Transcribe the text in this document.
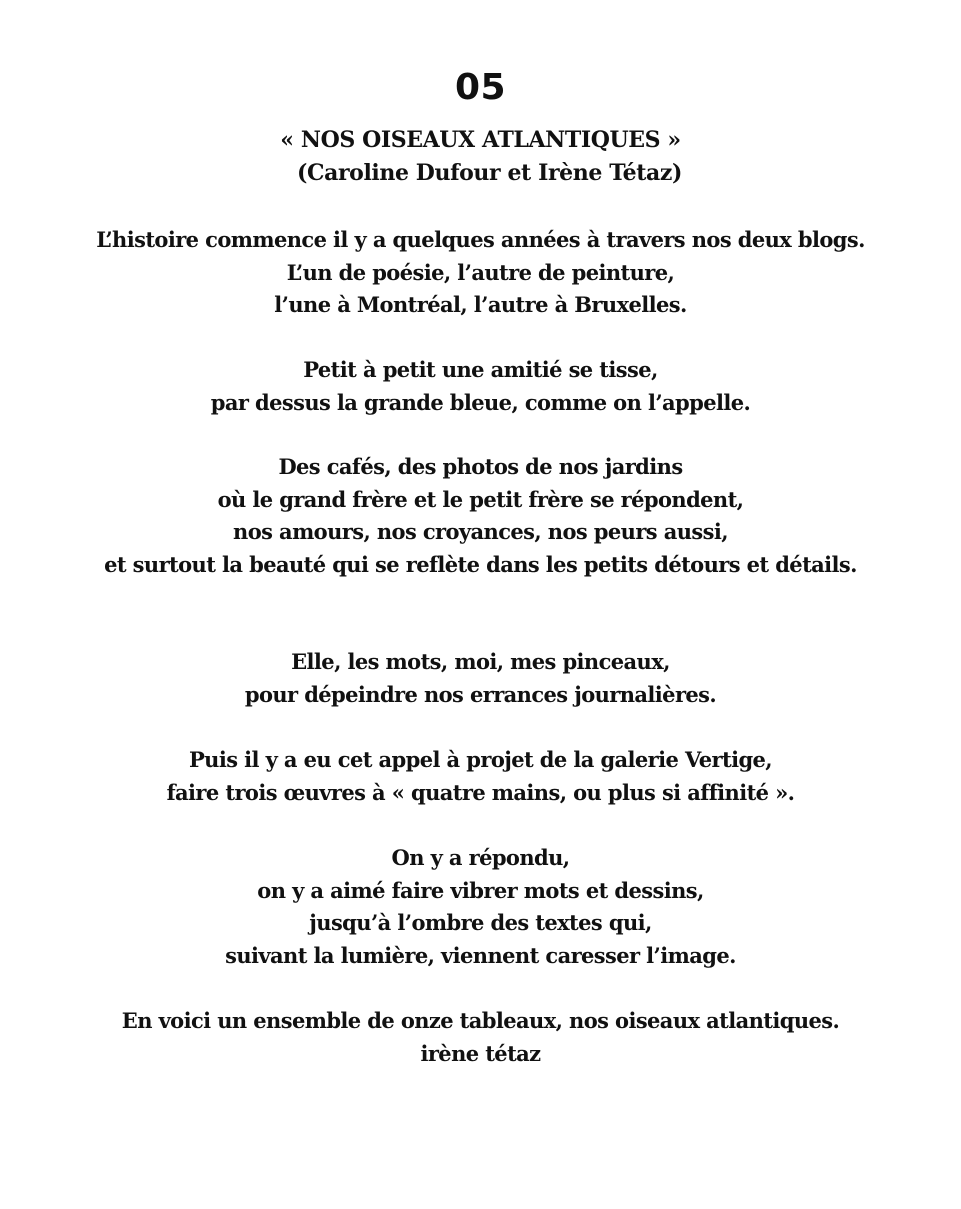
05
« NOS OISEAUX ATLANTIQUES »
(Caroline Dufour et Irène Tétaz)
L’histoire commence il y a quelques années à travers nos deux blogs.
L’un de poésie, l’autre de peinture,
l’une à Montréal, l’autre à Bruxelles.
Petit à petit une amitié se tisse,
par dessus la grande bleue, comme on l’appelle.
Des cafés, des photos de nos jardins
où le grand frère et le petit frère se répondent,
nos amours, nos croyances, nos peurs aussi,
et surtout la beauté qui se reflète dans les petits détours et détails.
Elle, les mots, moi, mes pinceaux,
pour dépeindre nos errances journalières.
Puis il y a eu cet appel à projet de la galerie Vertige,
faire trois œuvres à « quatre mains, ou plus si affinité ».
On y a répondu,
on y a aimé faire vibrer mots et dessins,
jusqu’à l’ombre des textes qui,
suivant la lumière, viennent caresser l’image.
En voici un ensemble de onze tableaux, nos oiseaux atlantiques.
irène tétaz
